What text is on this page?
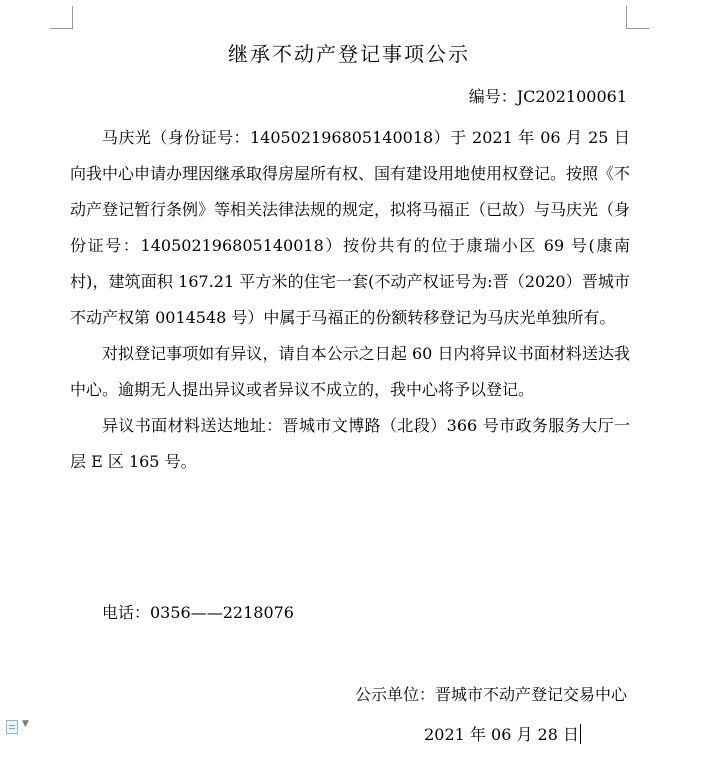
继承不动产登记事项公示
编号：JC202100061

马庆光（身份证号：140502196805140018）于 2021 年 06 月 25 日向我中心申请办理因继承取得房屋所有权、国有建设用地使用权登记。按照《不动产登记暂行条例》等相关法律法规的规定，拟将马福正（已故）与马庆光（身份证号：140502196805140018）按份共有的位于康瑞小区 69 号(康南村)，建筑面积 167.21 平方米的住宅一套(不动产权证号为:晋（2020）晋城市不动产权第 0014548 号）中属于马福正的份额转移登记为马庆光单独所有。

对拟登记事项如有异议，请自本公示之日起 60 日内将异议书面材料送达我中心。逾期无人提出异议或者异议不成立的，我中心将予以登记。

异议书面材料送达地址：晋城市文博路（北段）366 号市政务服务大厅一层 E 区 165 号。

电话：0356——2218076
公示单位：晋城市不动产登记交易中心
2021 年 06 月 28 日
▼
